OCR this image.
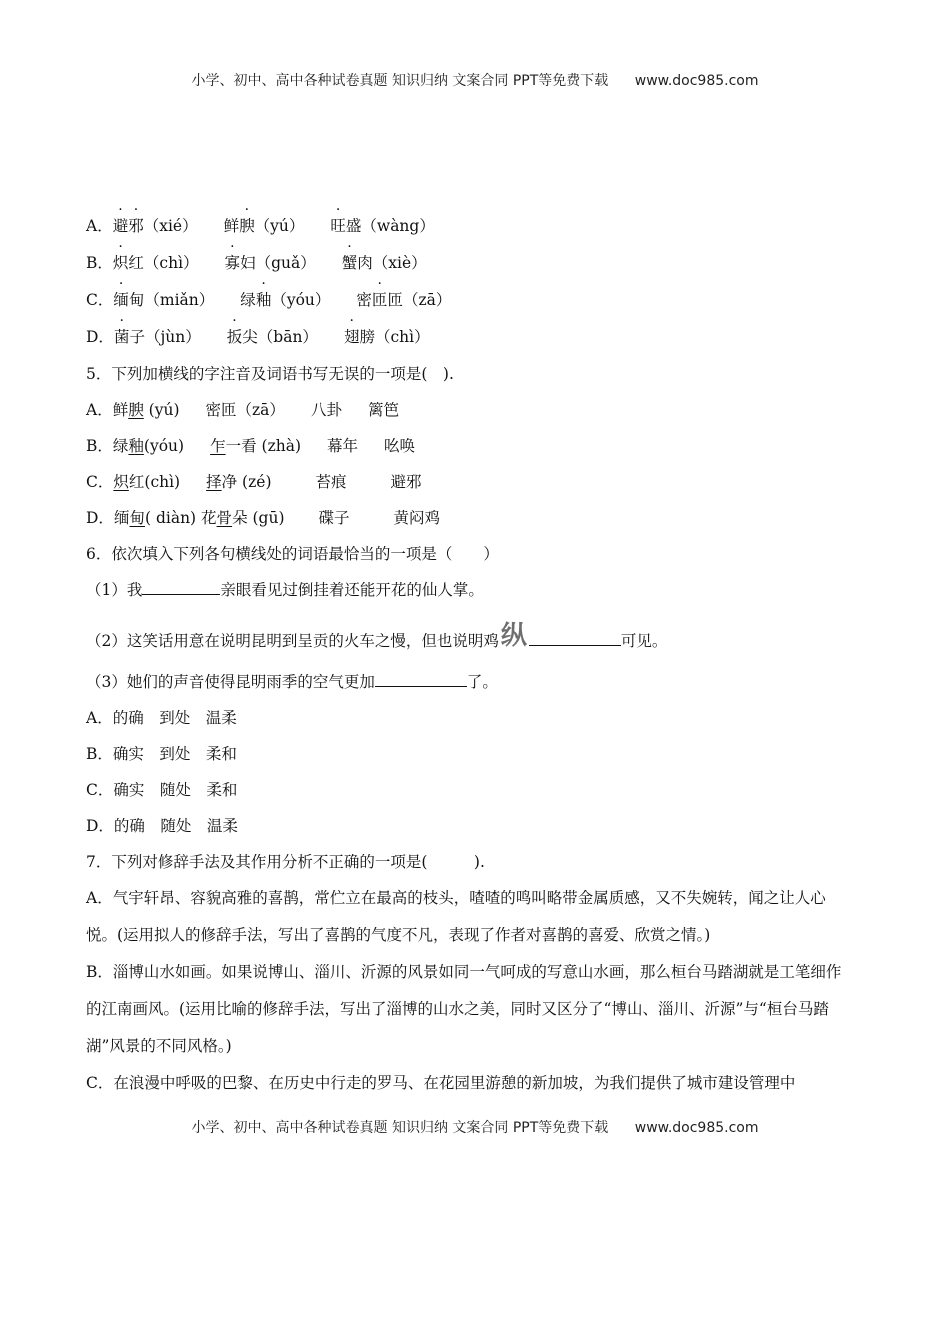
小学、初中、高中各种试卷真题 知识归纳 文案合同 PPT等免费下载 www.doc985.com
A．避邪（xié） 鲜腴（yú） 旺盛（wàng）
B．炽红（chì） 寡妇（guǎ） 蟹肉（xiè）
C．缅甸（miǎn） 绿釉（yóu） 密匝匝（zā）
D．菌子（jùn） 扳尖（bān） 翅膀（chì）
5．下列加横线的字注音及词语书写无误的一项是(　).
A．鲜腴 (yú) 密匝（zā） 八卦 篱笆
B．绿釉(yóu) 乍一看 (zhà) 幕年 吆唤
C．炽红(chì) 择净 (zé)	苔痕	避邪
D．缅甸( diàn) 花骨朵 (gū) 碟子	黄闷鸡
6．依次填入下列各句横线处的词语最恰当的一项是（　　）
（1）我	亲眼看见过倒挂着还能开花的仙人掌。
（2）这笑话用意在说明昆明到呈贡的火车之慢，但也说明鸡纵	可见。
（3）她们的声音使得昆明雨季的空气更加	了。
A．的确　到处　温柔
B．确实　到处　柔和
C．确实　随处　柔和
D．的确　随处　温柔
7．下列对修辞手法及其作用分析不正确的一项是(　　　).
A．气宇轩昂、容貌高雅的喜鹊，常伫立在最高的枝头，喳喳的鸣叫略带金属质感，又不失婉转，闻之让人心悦。(运用拟人的修辞手法，写出了喜鹊的气度不凡，表现了作者对喜鹊的喜爱、欣赏之情。)
B．淄博山水如画。如果说博山、淄川、沂源的风景如同一气呵成的写意山水画，那么桓台马踏湖就是工笔细作的江南画风。(运用比喻的修辞手法，写出了淄博的山水之美，同时又区分了“博山、淄川、沂源”与“桓台马踏湖”风景的不同风格。)
C．在浪漫中呼吸的巴黎、在历史中行走的罗马、在花园里游憩的新加坡，为我们提供了城市建设管理中
小学、初中、高中各种试卷真题 知识归纳 文案合同 PPT等免费下载 www.doc985.com
